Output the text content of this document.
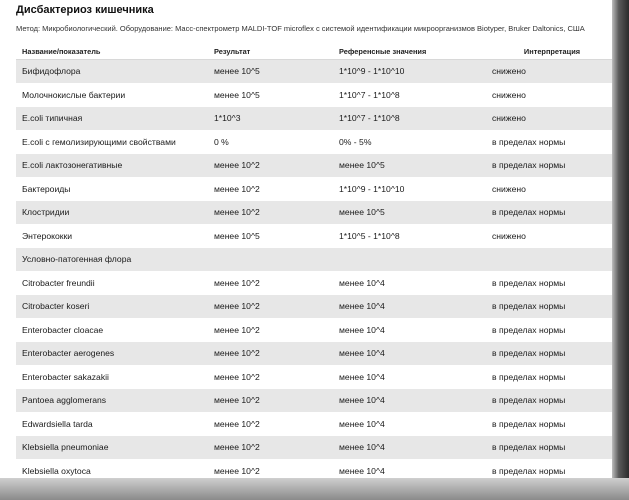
Дисбактериоз кишечника
Метод: Микробиологический. Оборудование: Масс-спектрометр MALDI-TOF microflex с системой идентификации микроорганизмов Biotyper, Bruker Daltonics, США
Название/показатель	Результат	Референсные значения	Интерпретация
Бифидофлора	менее 10^5	1*10^9 - 1*10^10	снижено
Молочнокислые бактерии	менее 10^5	1*10^7 - 1*10^8	снижено
E.coli типичная	1*10^3	1*10^7 - 1*10^8	снижено
E.coli с гемолизирующими свойствами	0 %	0% - 5%	в пределах нормы
E.coli лактозонегативные	менее 10^2	менее 10^5	в пределах нормы
Бактероиды	менее 10^2	1*10^9 - 1*10^10	снижено
Клостридии	менее 10^2	менее 10^5	в пределах нормы
Энтерококки	менее 10^5	1*10^5 - 1*10^8	снижено
Условно-патогенная флора			
Citrobacter freundii	менее 10^2	менее 10^4	в пределах нормы
Citrobacter koseri	менее 10^2	менее 10^4	в пределах нормы
Enterobacter cloacae	менее 10^2	менее 10^4	в пределах нормы
Enterobacter aerogenes	менее 10^2	менее 10^4	в пределах нормы
Enterobacter sakazakii	менее 10^2	менее 10^4	в пределах нормы
Pantoea agglomerans	менее 10^2	менее 10^4	в пределах нормы
Edwardsiella tarda	менее 10^2	менее 10^4	в пределах нормы
Klebsiella pneumoniae	менее 10^2	менее 10^4	в пределах нормы
Klebsiella oxytoca	менее 10^2	менее 10^4	в пределах нормы
